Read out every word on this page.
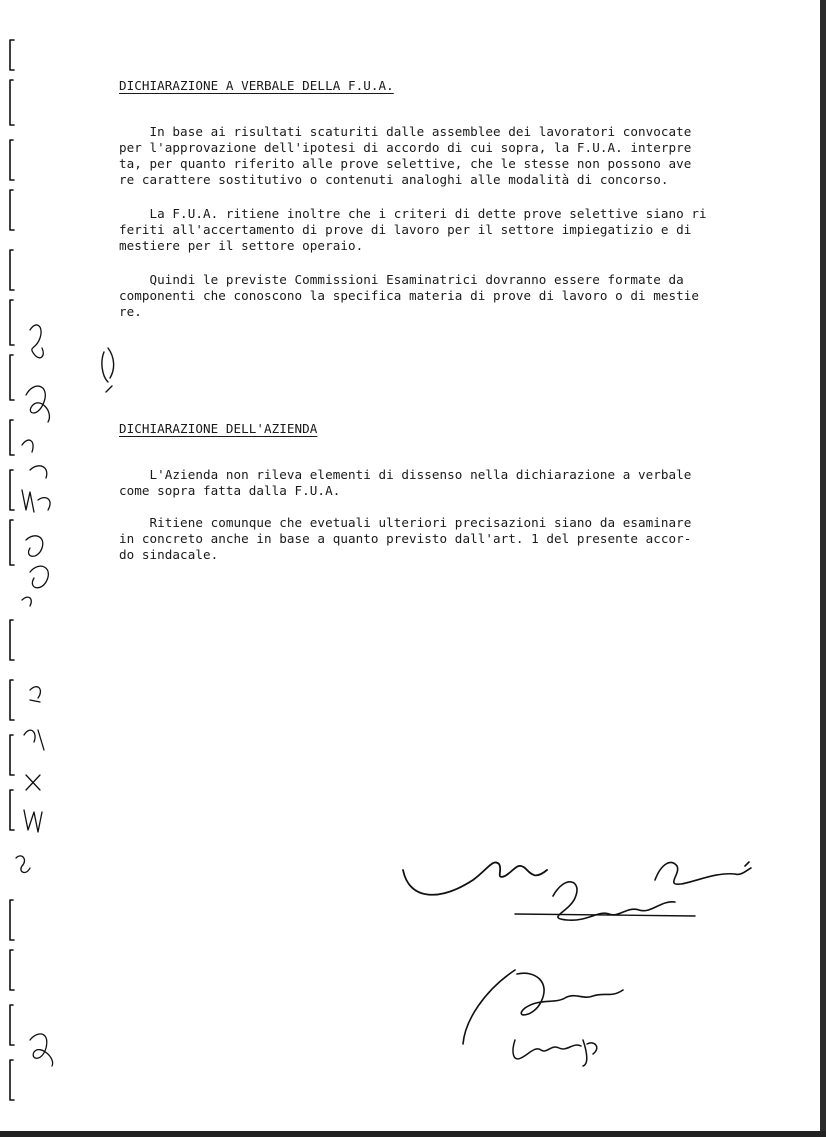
DICHIARAZIONE A VERBALE DELLA F.U.A.
In base ai risultati scaturiti dalle assemblee dei lavoratori convocate
per l'approvazione dell'ipotesi di accordo di cui sopra, la F.U.A. interpre
ta, per quanto riferito alle prove selettive, che le stesse non possono ave
re carattere sostitutivo o contenuti analoghi alle modalità di concorso.
La F.U.A. ritiene inoltre che i criteri di dette prove selettive siano ri
feriti all'accertamento di prove di lavoro per il settore impiegatizio e di
mestiere per il settore operaio.
Quindi le previste Commissioni Esaminatrici dovranno essere formate da
componenti che conoscono la specifica materia di prove di lavoro o di mestie
re.
DICHIARAZIONE DELL'AZIENDA
L'Azienda non rileva elementi di dissenso nella dichiarazione a verbale
come sopra fatta dalla F.U.A.
Ritiene comunque che evetuali ulteriori precisazioni siano da esaminare
in concreto anche in base a quanto previsto dall'art. 1 del presente accor-
do sindacale.
